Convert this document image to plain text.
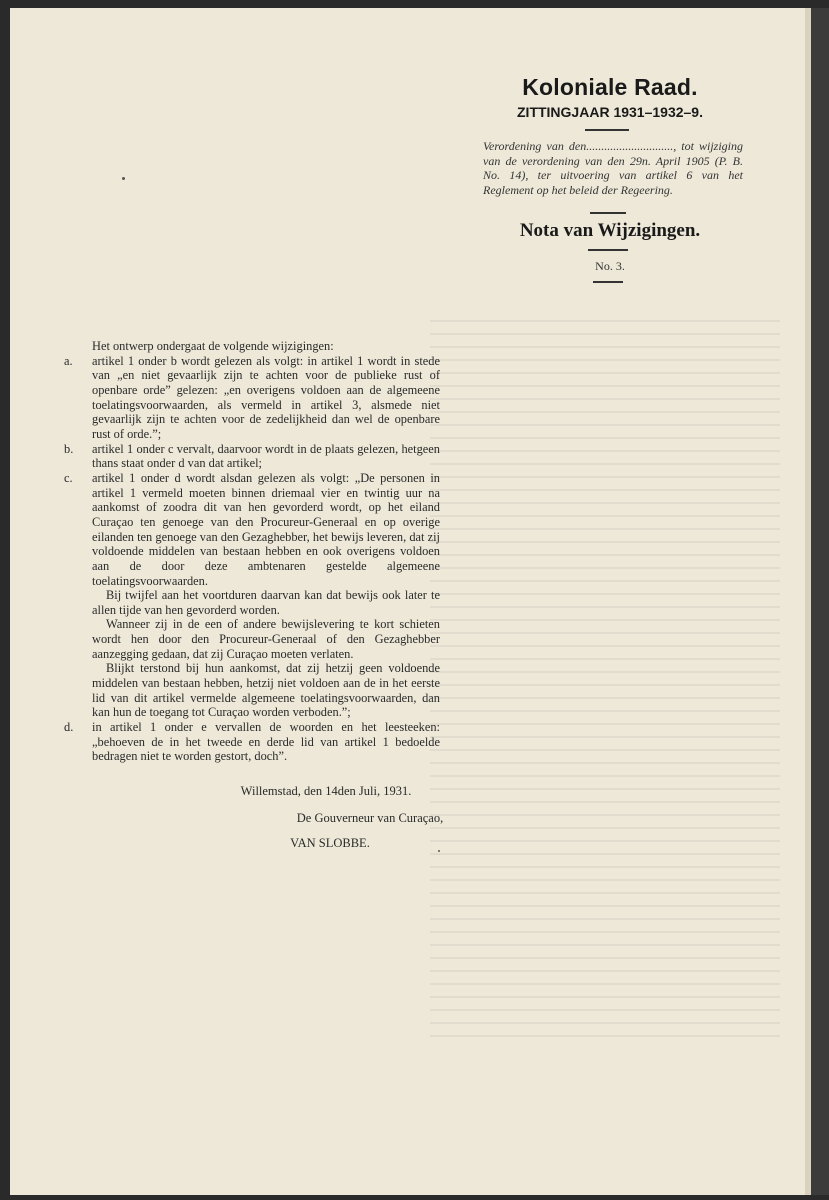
Koloniale Raad.
ZITTINGJAAR 1931–1932–9.
Verordening van den............................., tot wijziging van de verordening van den 29n. April 1905 (P. B. No. 14), ter uitvoering van artikel 6 van het Reglement op het beleid der Regeering.
Nota van Wijzigingen.
No. 3.

Het ontwerp ondergaat de volgende wijzigingen:

a. artikel 1 onder b wordt gelezen als volgt: in artikel 1 wordt in stede van „en niet gevaarlijk zijn te achten voor de publieke rust of openbare orde” gelezen: „en overigens voldoen aan de algemeene toelatingsvoorwaarden, als vermeld in artikel 3, alsmede niet gevaarlijk zijn te achten voor de zedelijkheid dan wel de openbare rust of orde.”;

b. artikel 1 onder c vervalt, daarvoor wordt in de plaats gelezen, hetgeen thans staat onder d van dat artikel;

c. artikel 1 onder d wordt alsdan gelezen als volgt: „De personen in artikel 1 vermeld moeten binnen driemaal vier en twintig uur na aankomst of zoodra dit van hen gevorderd wordt, op het eiland Curaçao ten genoege van den Procureur-Generaal en op overige eilanden ten genoege van den Gezaghebber, het bewijs leveren, dat zij voldoende middelen van bestaan hebben en ook overigens voldoen aan de door deze ambtenaren gestelde algemeene toelatingsvoorwaarden.

Bij twijfel aan het voortduren daarvan kan dat bewijs ook later te allen tijde van hen gevorderd worden.

Wanneer zij in de een of andere bewijslevering te kort schieten wordt hen door den Procureur-Generaal of den Gezaghebber aanzegging gedaan, dat zij Curaçao moeten verlaten.

Blijkt terstond bij hun aankomst, dat zij hetzij geen voldoende middelen van bestaan hebben, hetzij niet voldoen aan de in het eerste lid van dit artikel vermelde algemeene toelatingsvoorwaarden, dan kan hun de toegang tot Curaçao worden verboden.”;

d. in artikel 1 onder e vervallen de woorden en het leesteeken: „behoeven de in het tweede en derde lid van artikel 1 bedoelde bedragen niet te worden gestort, doch”.

Willemstad, den 14den Juli, 1931.
De Gouverneur van Curaçao,
VAN SLOBBE.
